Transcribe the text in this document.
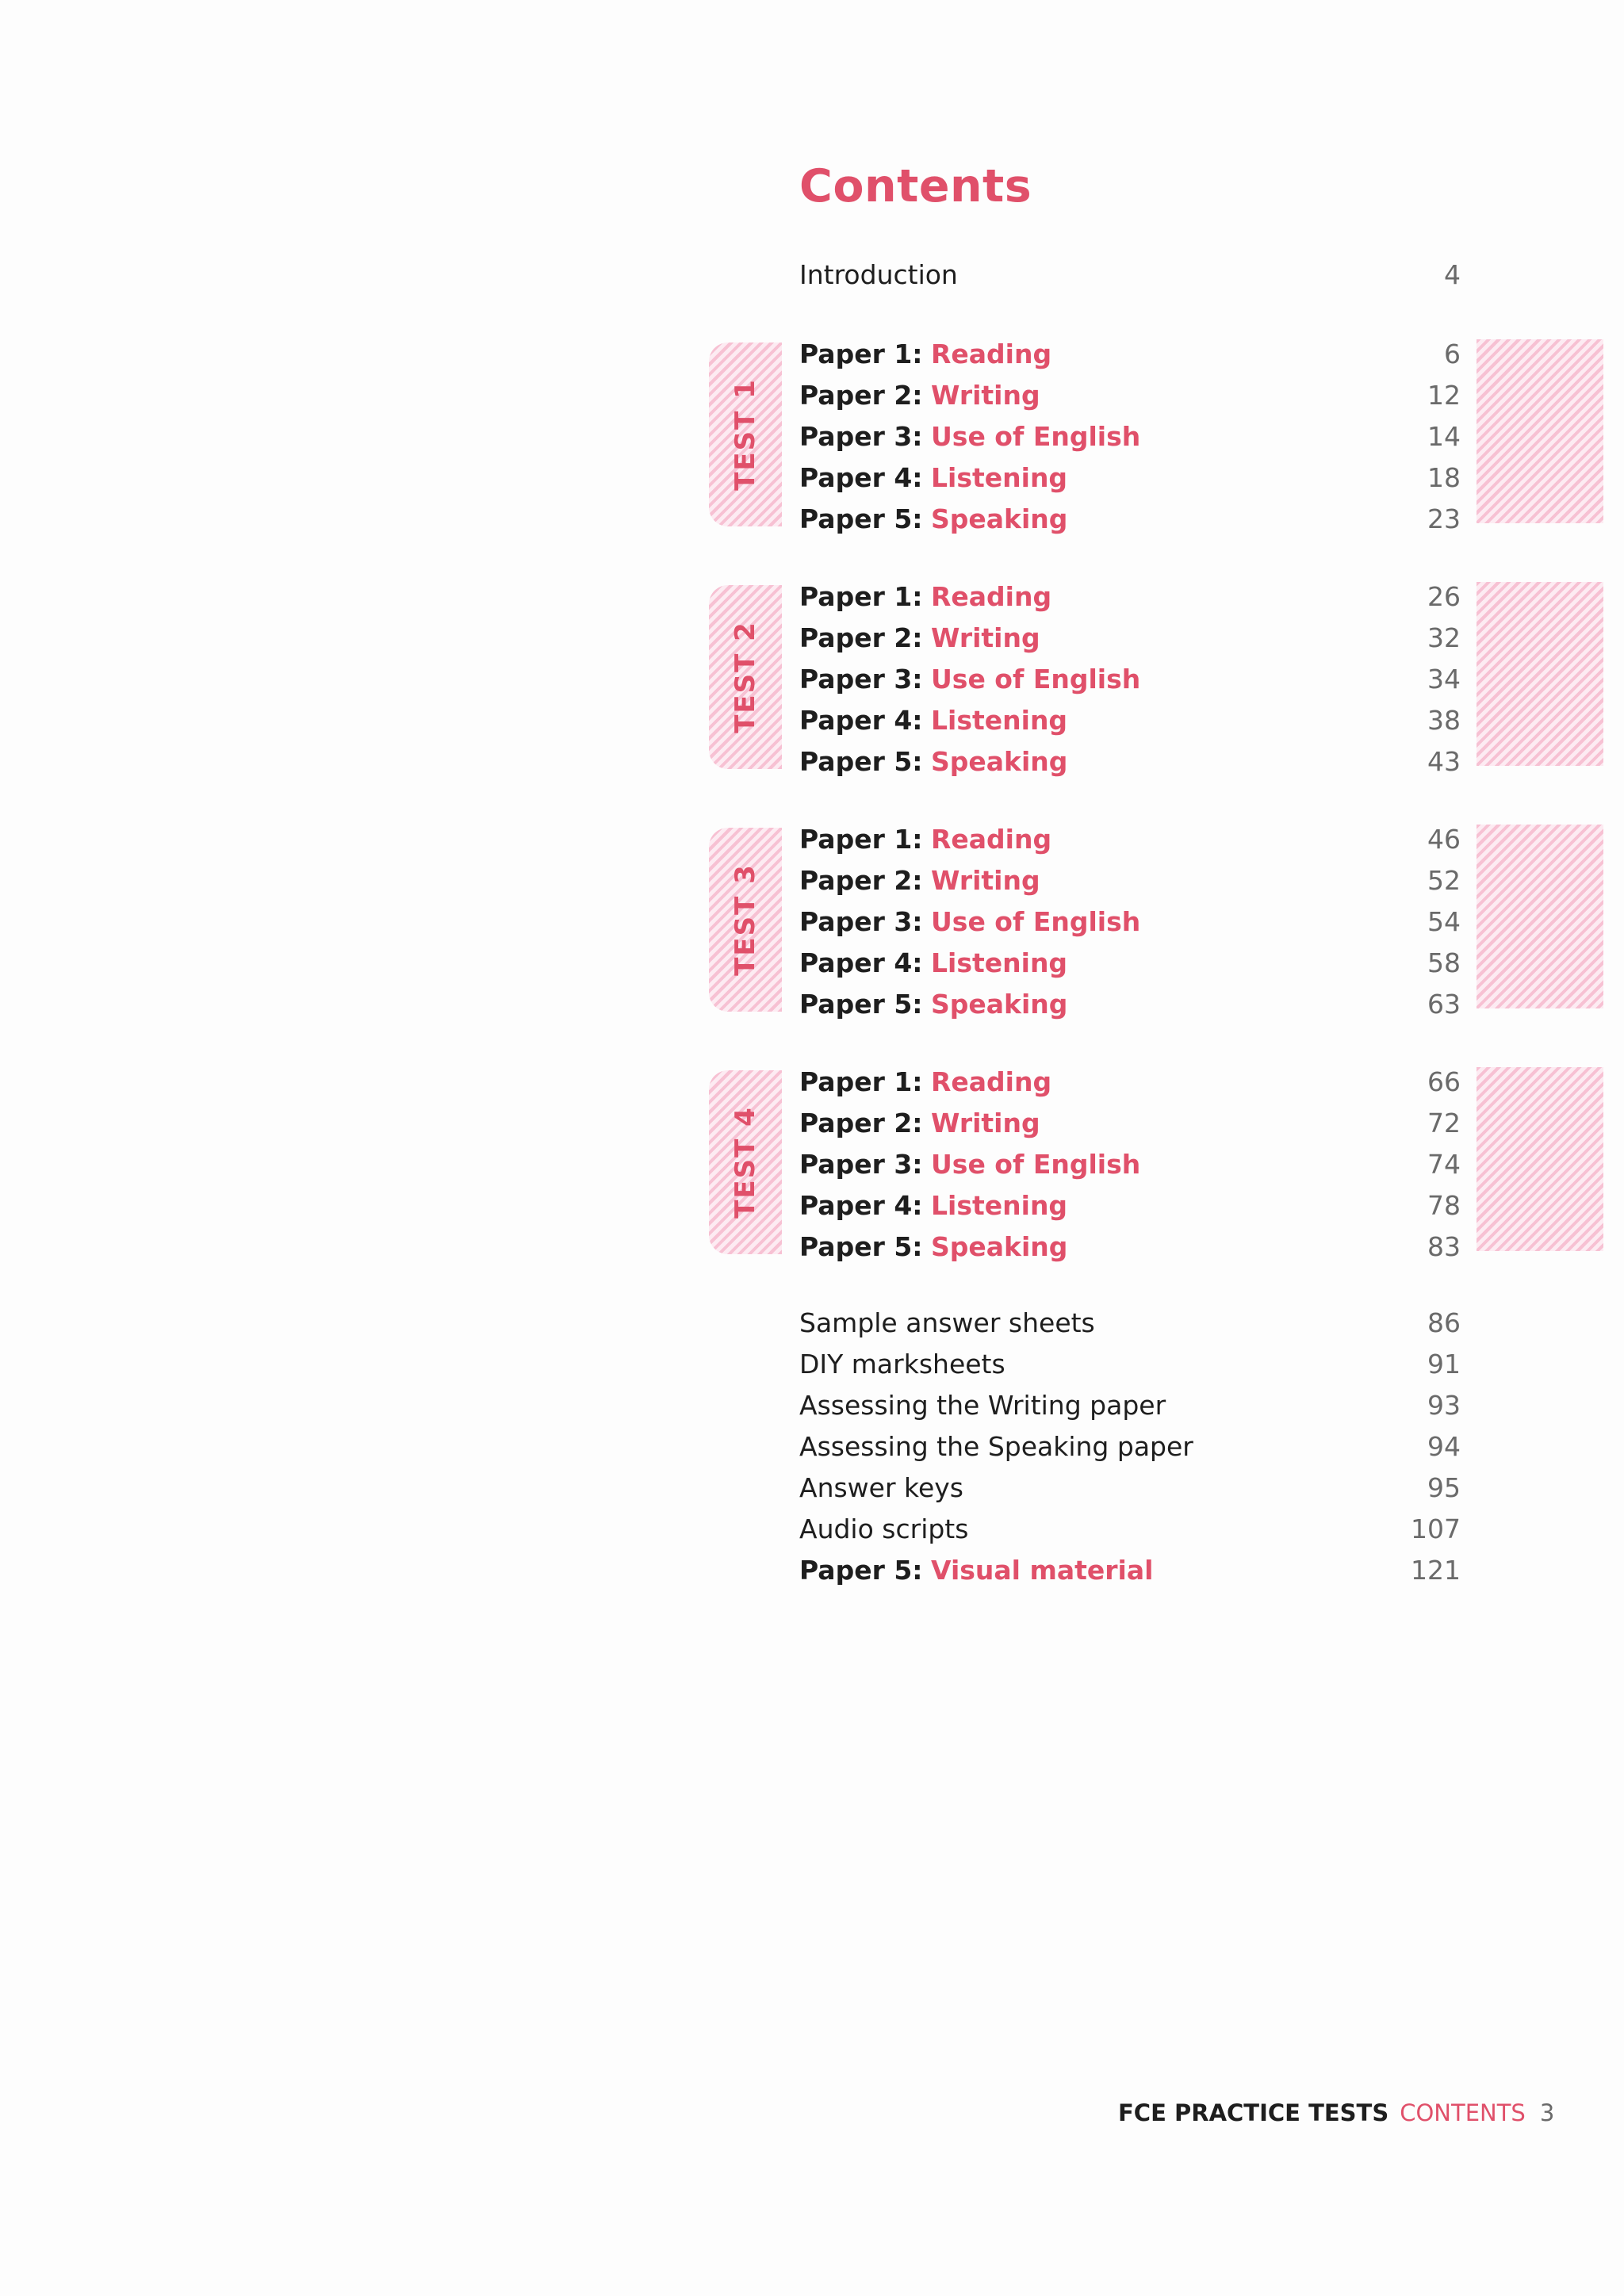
Contents
Introduction	4
TEST 1
Paper 1: Reading	6
Paper 2: Writing	12
Paper 3: Use of English	14
Paper 4: Listening	18
Paper 5: Speaking	23
TEST 2
Paper 1: Reading	26
Paper 2: Writing	32
Paper 3: Use of English	34
Paper 4: Listening	38
Paper 5: Speaking	43
TEST 3
Paper 1: Reading	46
Paper 2: Writing	52
Paper 3: Use of English	54
Paper 4: Listening	58
Paper 5: Speaking	63
TEST 4
Paper 1: Reading	66
Paper 2: Writing	72
Paper 3: Use of English	74
Paper 4: Listening	78
Paper 5: Speaking	83
Sample answer sheets	86
DIY marksheets	91
Assessing the Writing paper	93
Assessing the Speaking paper	94
Answer keys	95
Audio scripts	107
Paper 5: Visual material	121
FCE PRACTICE TESTS CONTENTS 3
